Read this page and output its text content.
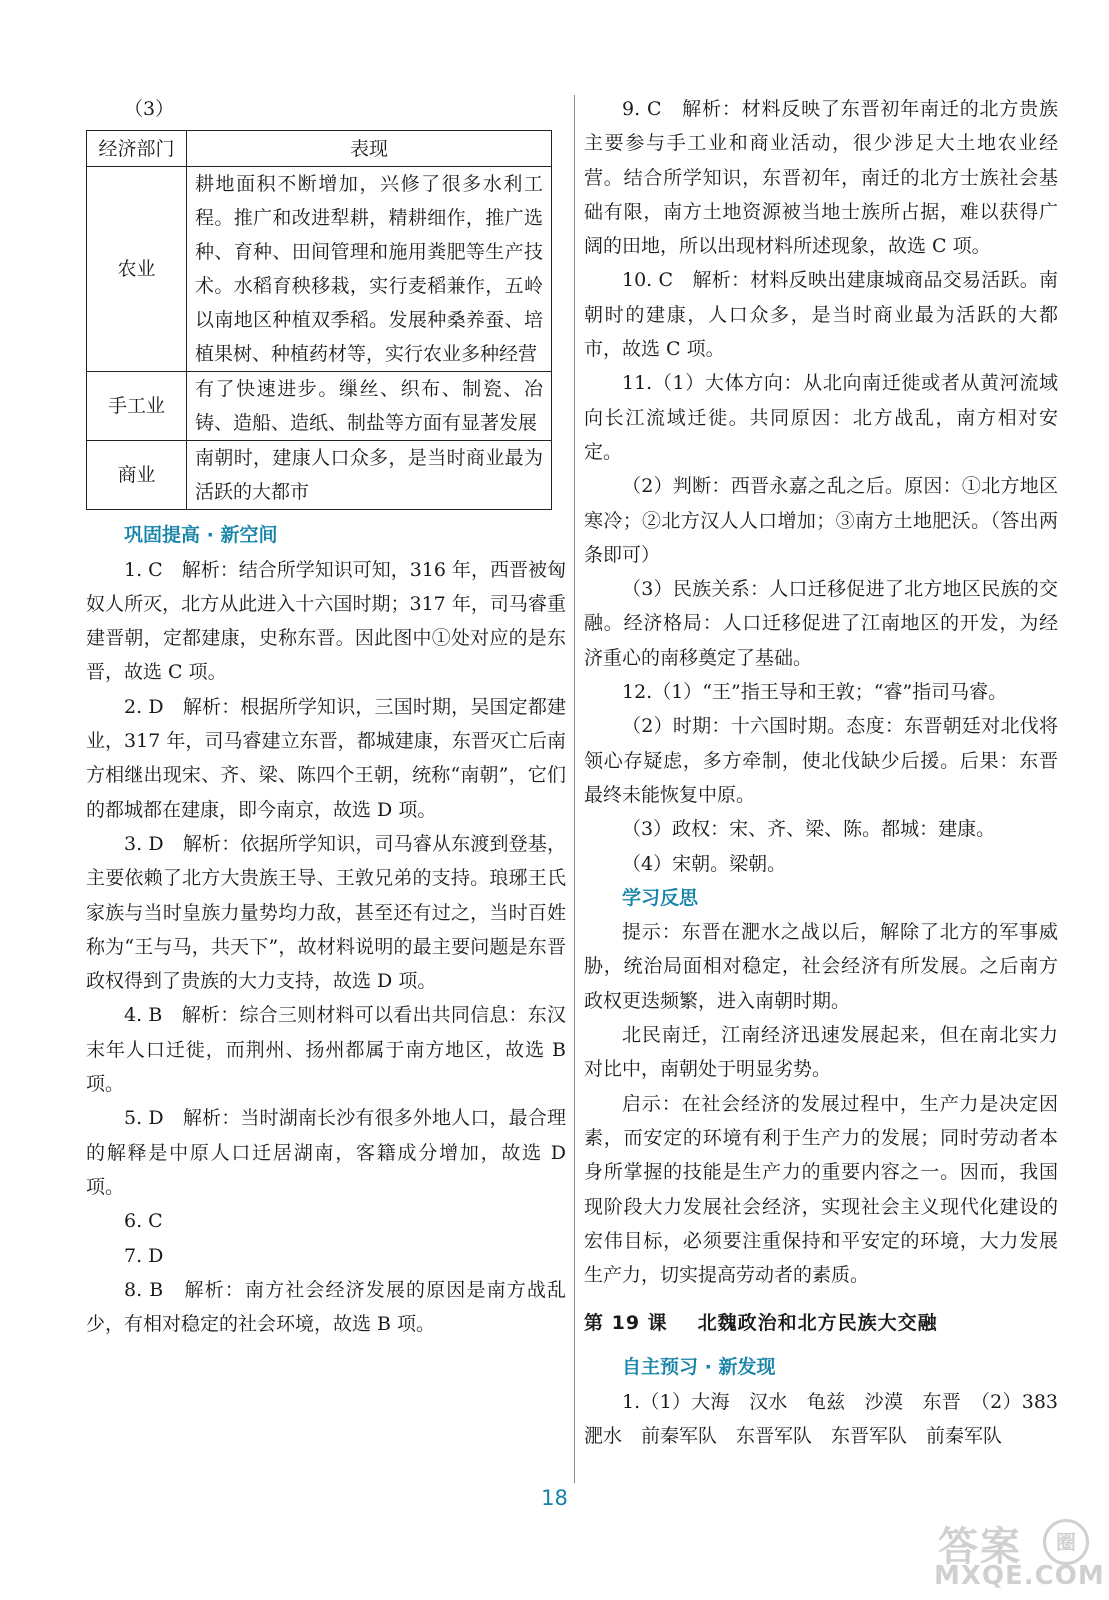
（3）

经济部门	表现
农业	耕地面积不断增加，兴修了很多水利工程。推广和改进犁耕，精耕细作，推广选种、育种、田间管理和施用粪肥等生产技术。水稻育秧移栽，实行麦稻兼作，五岭以南地区种植双季稻。发展种桑养蚕、培植果树、种植药材等，实行农业多种经营
手工业	有了快速进步。缫丝、织布、制瓷、冶铸、造船、造纸、制盐等方面有显著发展
商业	南朝时，建康人口众多，是当时商业最为活跃的大都市
巩固提高 · 新空间

1. C　解析：结合所学知识可知，316 年，西晋被匈奴人所灭，北方从此进入十六国时期；317 年，司马睿重建晋朝，定都建康，史称东晋。因此图中①处对应的是东晋，故选 C 项。

2. D　解析：根据所学知识，三国时期，吴国定都建业，317 年，司马睿建立东晋，都城建康，东晋灭亡后南方相继出现宋、齐、梁、陈四个王朝，统称“南朝”，它们的都城都在建康，即今南京，故选 D 项。

3. D　解析：依据所学知识，司马睿从东渡到登基，主要依赖了北方大贵族王导、王敦兄弟的支持。琅琊王氏家族与当时皇族力量势均力敌，甚至还有过之，当时百姓称为“王与马，共天下”，故材料说明的最主要问题是东晋政权得到了贵族的大力支持，故选 D 项。

4. B　解析：综合三则材料可以看出共同信息：东汉末年人口迁徙，而荆州、扬州都属于南方地区，故选 B 项。

5. D　解析：当时湖南长沙有很多外地人口，最合理的解释是中原人口迁居湖南，客籍成分增加，故选 D 项。

6. C

7. D

8. B　解析：南方社会经济发展的原因是南方战乱少，有相对稳定的社会环境，故选 B 项。

9. C　解析：材料反映了东晋初年南迁的北方贵族主要参与手工业和商业活动，很少涉足大土地农业经营。结合所学知识，东晋初年，南迁的北方士族社会基础有限，南方土地资源被当地士族所占据，难以获得广阔的田地，所以出现材料所述现象，故选 C 项。

10. C　解析：材料反映出建康城商品交易活跃。南朝时的建康，人口众多，是当时商业最为活跃的大都市，故选 C 项。

11.（1）大体方向：从北向南迁徙或者从黄河流域向长江流域迁徙。共同原因：北方战乱，南方相对安定。

（2）判断：西晋永嘉之乱之后。原因：①北方地区寒冷；②北方汉人人口增加；③南方土地肥沃。（答出两条即可）

（3）民族关系：人口迁移促进了北方地区民族的交融。经济格局：人口迁移促进了江南地区的开发，为经济重心的南移奠定了基础。

12.（1）“王”指王导和王敦；“睿”指司马睿。

（2）时期：十六国时期。态度：东晋朝廷对北伐将领心存疑虑，多方牵制，使北伐缺少后援。后果：东晋最终未能恢复中原。

（3）政权：宋、齐、梁、陈。都城：建康。

（4）宋朝。梁朝。

学习反思

提示：东晋在淝水之战以后，解除了北方的军事威胁，统治局面相对稳定，社会经济有所发展。之后南方政权更迭频繁，进入南朝时期。

北民南迁，江南经济迅速发展起来，但在南北实力对比中，南朝处于明显劣势。

启示：在社会经济的发展过程中，生产力是决定因素，而安定的环境有利于生产力的发展；同时劳动者本身所掌握的技能是生产力的重要内容之一。因而，我国现阶段大力发展社会经济，实现社会主义现代化建设的宏伟目标，必须要注重保持和平安定的环境，大力发展生产力，切实提高劳动者的素质。

第 19 课 北魏政治和北方民族大交融
自主预习 · 新发现

1.（1）大海　汉水　龟兹　沙漠　东晋　（2）383　淝水　前秦军队　东晋军队　东晋军队　前秦军队

18
答案	圈
MXQE.COM
